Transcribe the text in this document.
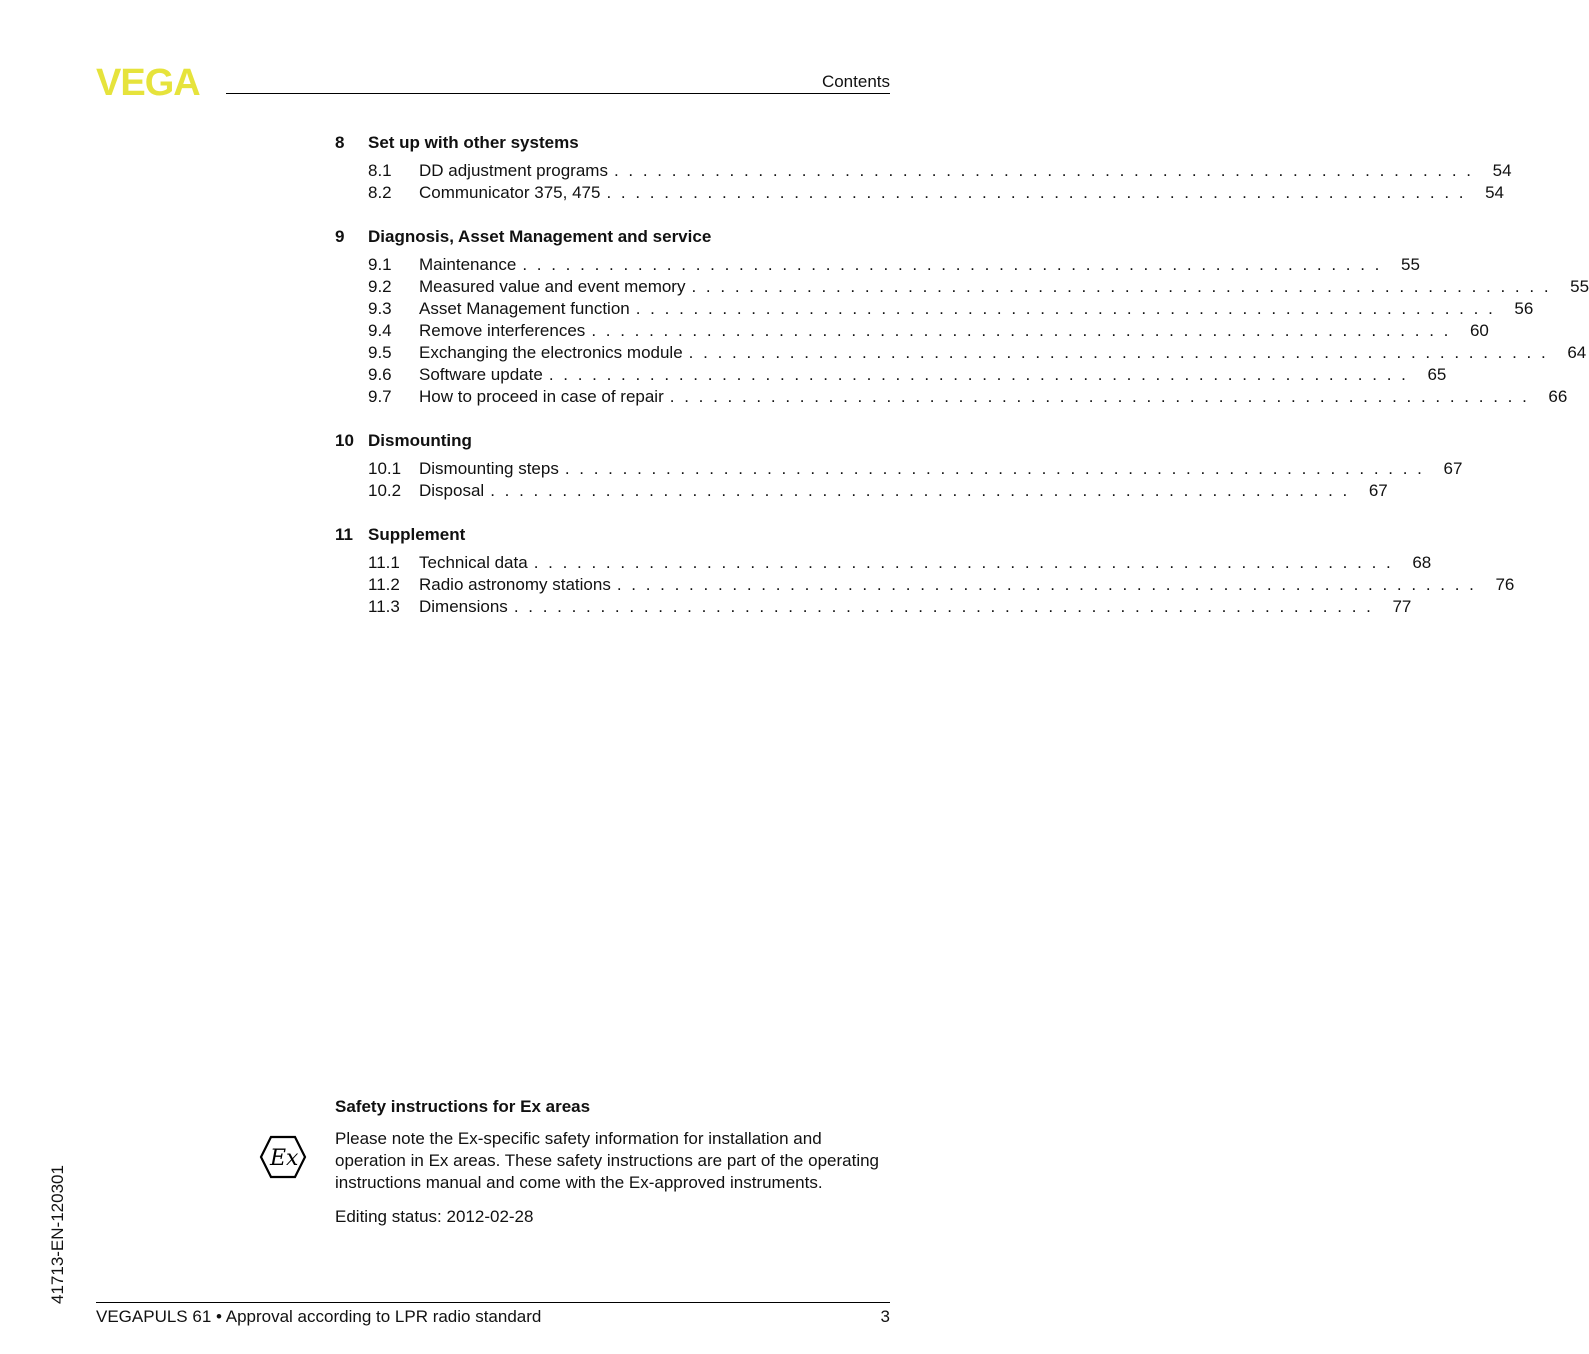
VEGA	Contents
8	Set up with other systems
8.1	DD adjustment programs . . . . . . . . . . . . . . . . . . . . . . . . . . . . . . . . . . . . . . . . . . . . . . . . . . . . . . . . . . . .	54
8.2	Communicator 375, 475 . . . . . . . . . . . . . . . . . . . . . . . . . . . . . . . . . . . . . . . . . . . . . . . . . . . . . . . . . . . .	54
9	Diagnosis, Asset Management and service
9.1	Maintenance . . . . . . . . . . . . . . . . . . . . . . . . . . . . . . . . . . . . . . . . . . . . . . . . . . . . . . . . . . . .	55
9.2	Measured value and event memory . . . . . . . . . . . . . . . . . . . . . . . . . . . . . . . . . . . . . . . . . . . . . . . . . . . . . . . . . . . .	55
9.3	Asset Management function . . . . . . . . . . . . . . . . . . . . . . . . . . . . . . . . . . . . . . . . . . . . . . . . . . . . . . . . . . . .	56
9.4	Remove interferences . . . . . . . . . . . . . . . . . . . . . . . . . . . . . . . . . . . . . . . . . . . . . . . . . . . . . . . . . . . .	60
9.5	Exchanging the electronics module . . . . . . . . . . . . . . . . . . . . . . . . . . . . . . . . . . . . . . . . . . . . . . . . . . . . . . . . . . . .	64
9.6	Software update . . . . . . . . . . . . . . . . . . . . . . . . . . . . . . . . . . . . . . . . . . . . . . . . . . . . . . . . . . . .	65
9.7	How to proceed in case of repair . . . . . . . . . . . . . . . . . . . . . . . . . . . . . . . . . . . . . . . . . . . . . . . . . . . . . . . . . . . .	66
10 Dismounting
10.1	Dismounting steps . . . . . . . . . . . . . . . . . . . . . . . . . . . . . . . . . . . . . . . . . . . . . . . . . . . . . . . . . . . .	67
10.2	Disposal . . . . . . . . . . . . . . . . . . . . . . . . . . . . . . . . . . . . . . . . . . . . . . . . . . . . . . . . . . . .	67
11 Supplement
11.1	Technical data . . . . . . . . . . . . . . . . . . . . . . . . . . . . . . . . . . . . . . . . . . . . . . . . . . . . . . . . . . . .	68
11.2	Radio astronomy stations . . . . . . . . . . . . . . . . . . . . . . . . . . . . . . . . . . . . . . . . . . . . . . . . . . . . . . . . . . . .	76
11.3	Dimensions . . . . . . . . . . . . . . . . . . . . . . . . . . . . . . . . . . . . . . . . . . . . . . . . . . . . . . . . . . . .	77
Ex
Safety instructions for Ex areas
Please note the Ex-specific safety information for installation and operation in Ex areas. These safety instructions are part of the operating instructions manual and come with the Ex-approved instruments.
Editing status: 2012-02-28
41713-EN-120301
VEGAPULS 61 • Approval according to LPR radio standard	3
